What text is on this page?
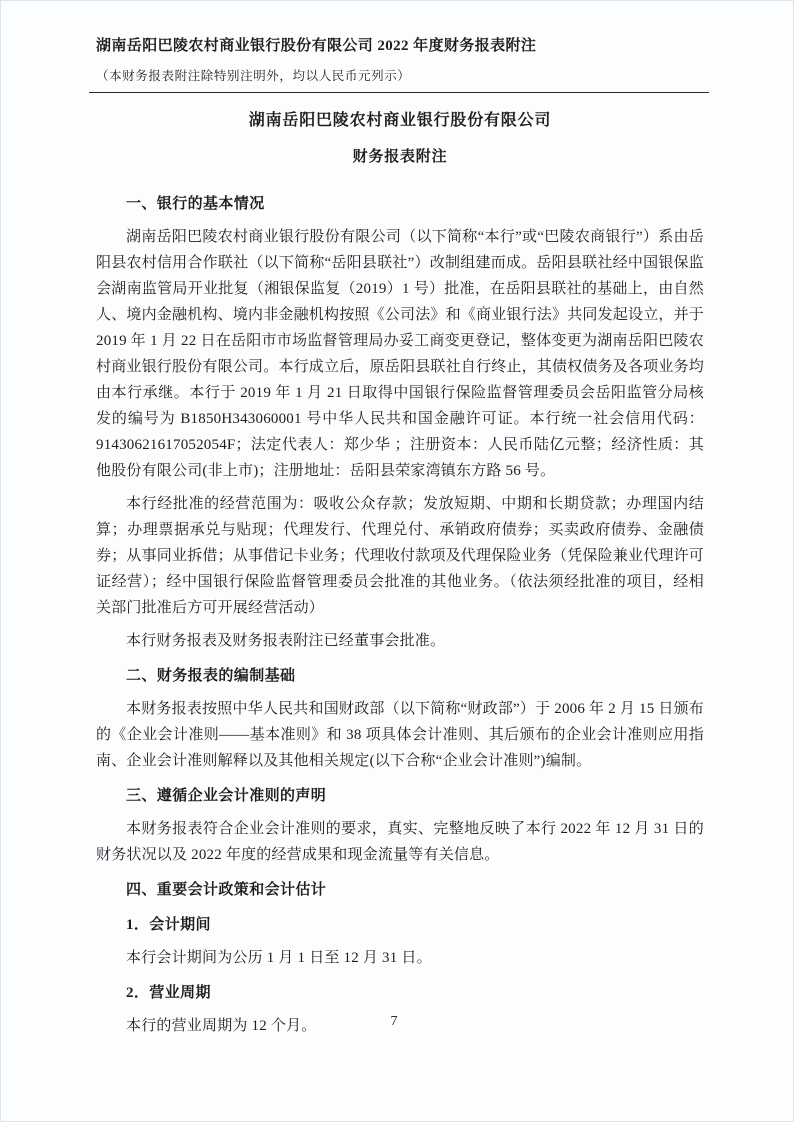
湖南岳阳巴陵农村商业银行股份有限公司 2022 年度财务报表附注
（本财务报表附注除特别注明外，均以人民币元列示）
湖南岳阳巴陵农村商业银行股份有限公司
财务报表附注
一、银行的基本情况

湖南岳阳巴陵农村商业银行股份有限公司（以下简称“本行”或“巴陵农商银行”）系由岳阳县农村信用合作联社（以下简称“岳阳县联社”）改制组建而成。岳阳县联社经中国银保监会湖南监管局开业批复（湘银保监复（2019）1 号）批准，在岳阳县联社的基础上，由自然人、境内金融机构、境内非金融机构按照《公司法》和《商业银行法》共同发起设立，并于 2019 年 1 月 22 日在岳阳市市场监督管理局办妥工商变更登记，整体变更为湖南岳阳巴陵农村商业银行股份有限公司。本行成立后，原岳阳县联社自行终止，其债权债务及各项业务均由本行承继。本行于 2019 年 1 月 21 日取得中国银行保险监督管理委员会岳阳监管分局核发的编号为 B1850H343060001 号中华人民共和国金融许可证。本行统一社会信用代码：91430621617052054F；法定代表人：郑少华 ；注册资本：人民币陆亿元整；经济性质：其他股份有限公司(非上市)；注册地址：岳阳县荣家湾镇东方路 56 号。

本行经批准的经营范围为：吸收公众存款；发放短期、中期和长期贷款；办理国内结算；办理票据承兑与贴现；代理发行、代理兑付、承销政府债券；买卖政府债券、金融债券；从事同业拆借；从事借记卡业务；代理收付款项及代理保险业务（凭保险兼业代理许可证经营）；经中国银行保险监督管理委员会批准的其他业务。（依法须经批准的项目，经相关部门批准后方可开展经营活动）

本行财务报表及财务报表附注已经董事会批准。

二、财务报表的编制基础

本财务报表按照中华人民共和国财政部（以下简称“财政部”）于 2006 年 2 月 15 日颁布的《企业会计准则——基本准则》和 38 项具体会计准则、其后颁布的企业会计准则应用指南、企业会计准则解释以及其他相关规定(以下合称“企业会计准则”)编制。

三、遵循企业会计准则的声明

本财务报表符合企业会计准则的要求，真实、完整地反映了本行 2022 年 12 月 31 日的财务状况以及 2022 年度的经营成果和现金流量等有关信息。

四、重要会计政策和会计估计
1．会计期间

本行会计期间为公历 1 月 1 日至 12 月 31 日。

2．营业周期

本行的营业周期为 12 个月。	7
